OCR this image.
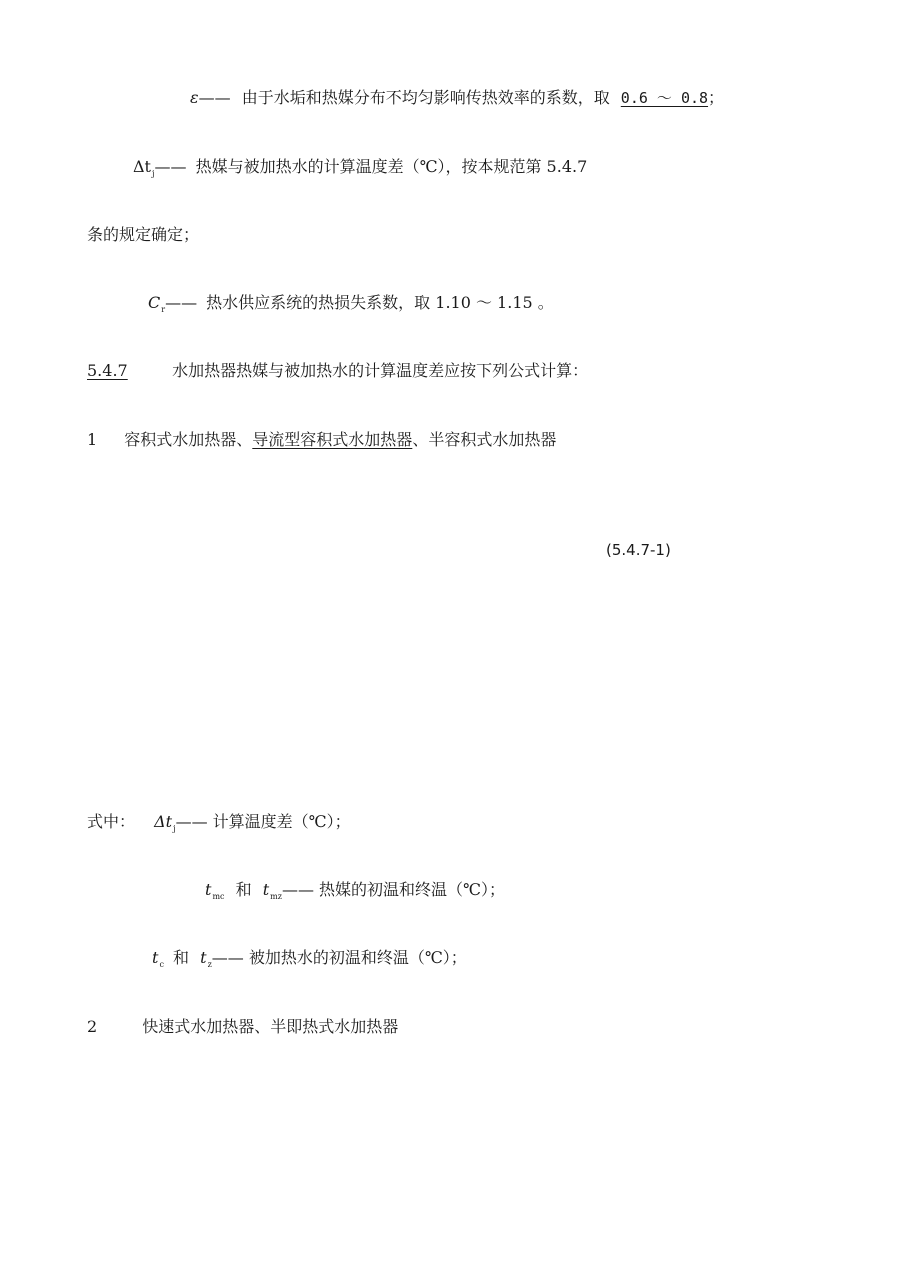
ε—— 由于水垢和热媒分布不均匀影响传热效率的系数，取 0.6 ～ 0.8；
$\Delta t_j——$ 热媒与被加热水的计算温度差（℃），按本规范第 5.4.7
条的规定确定；
$C_r——$ 热水供应系统的热损失系数，取 1.10 ～ 1.15 。
5.4.7	水加热器热媒与被加热水的计算温度差应按下列公式计算：
1 容积式水加热器、导流型容积式水加热器、半容积式水加热器
(5.4.7-1)
式中： $\Delta t_j——$ 计算温度差（℃）；
$t_{mc}$ 和 $t_{mz}——$ 热媒的初温和终温（℃）；
$t_c$ 和 $t_z——$ 被加热水的初温和终温（℃）；
2	快速式水加热器、半即热式水加热器
